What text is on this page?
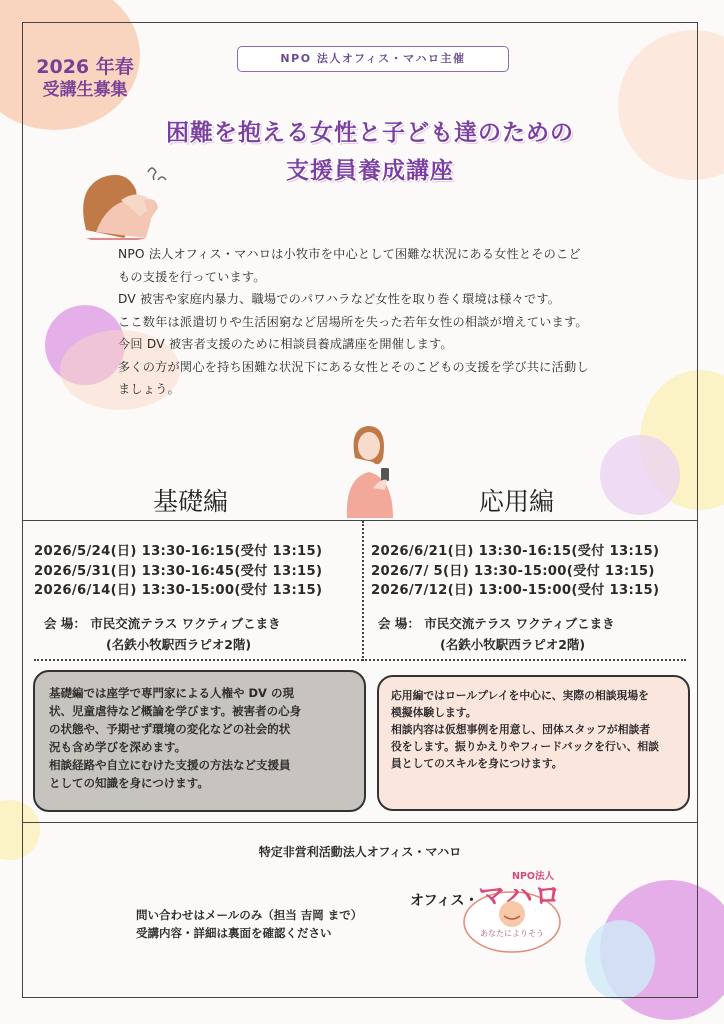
NPO 法人オフィス・マハロ主催
2026 年春
受講生募集
困難を抱える女性と子ども達のための
支援員養成講座

NPO 法人オフィス・マハロは小牧市を中心として困難な状況にある女性とそのこど

もの支援を行っています。

DV 被害や家庭内暴力、職場でのパワハラなど女性を取り巻く環境は様々です。

ここ数年は派遣切りや生活困窮など居場所を失った若年女性の相談が増えています。

今回 DV 被害者支援のために相談員養成講座を開催します。

多くの方が関心を持ち困難な状況下にある女性とそのこどもの支援を学び共に活動し

ましょう。

基礎編	応用編
2026/5/24(日) 13:30-16:15(受付 13:15)
2026/5/31(日) 13:30-16:45(受付 13:15)
2026/6/14(日) 13:30-15:00(受付 13:15)
2026/6/21(日) 13:30-16:15(受付 13:15)
2026/7/ 5(日) 13:30-15:00(受付 13:15)
2026/7/12(日) 13:00-15:00(受付 13:15)
会 場： 市民交流テラス ワクティブこまき
(名鉄小牧駅西ラピオ2階)
会 場： 市民交流テラス ワクティブこまき
(名鉄小牧駅西ラピオ2階)

基礎編では座学で専門家による人権や DV の現

状、児童虐待など概論を学びます。被害者の心身

の状態や、予期せず環境の変化などの社会的状

況も含め学びを深めます。

相談経路や自立にむけた支援の方法など支援員

としての知識を身につけます。

応用編ではロールプレイを中心に、実際の相談現場を

模擬体験します。

相談内容は仮想事例を用意し、団体スタッフが相談者

役をします。振りかえりやフィードバックを行い、相談

員としてのスキルを身につけます。

特定非営利活動法人オフィス・マハロ
問い合わせはメールのみ（担当 吉岡 まで）
受講内容・詳細は裏面を確認ください
オフィス・ マハロ
NPO法人
あなたによりそう
